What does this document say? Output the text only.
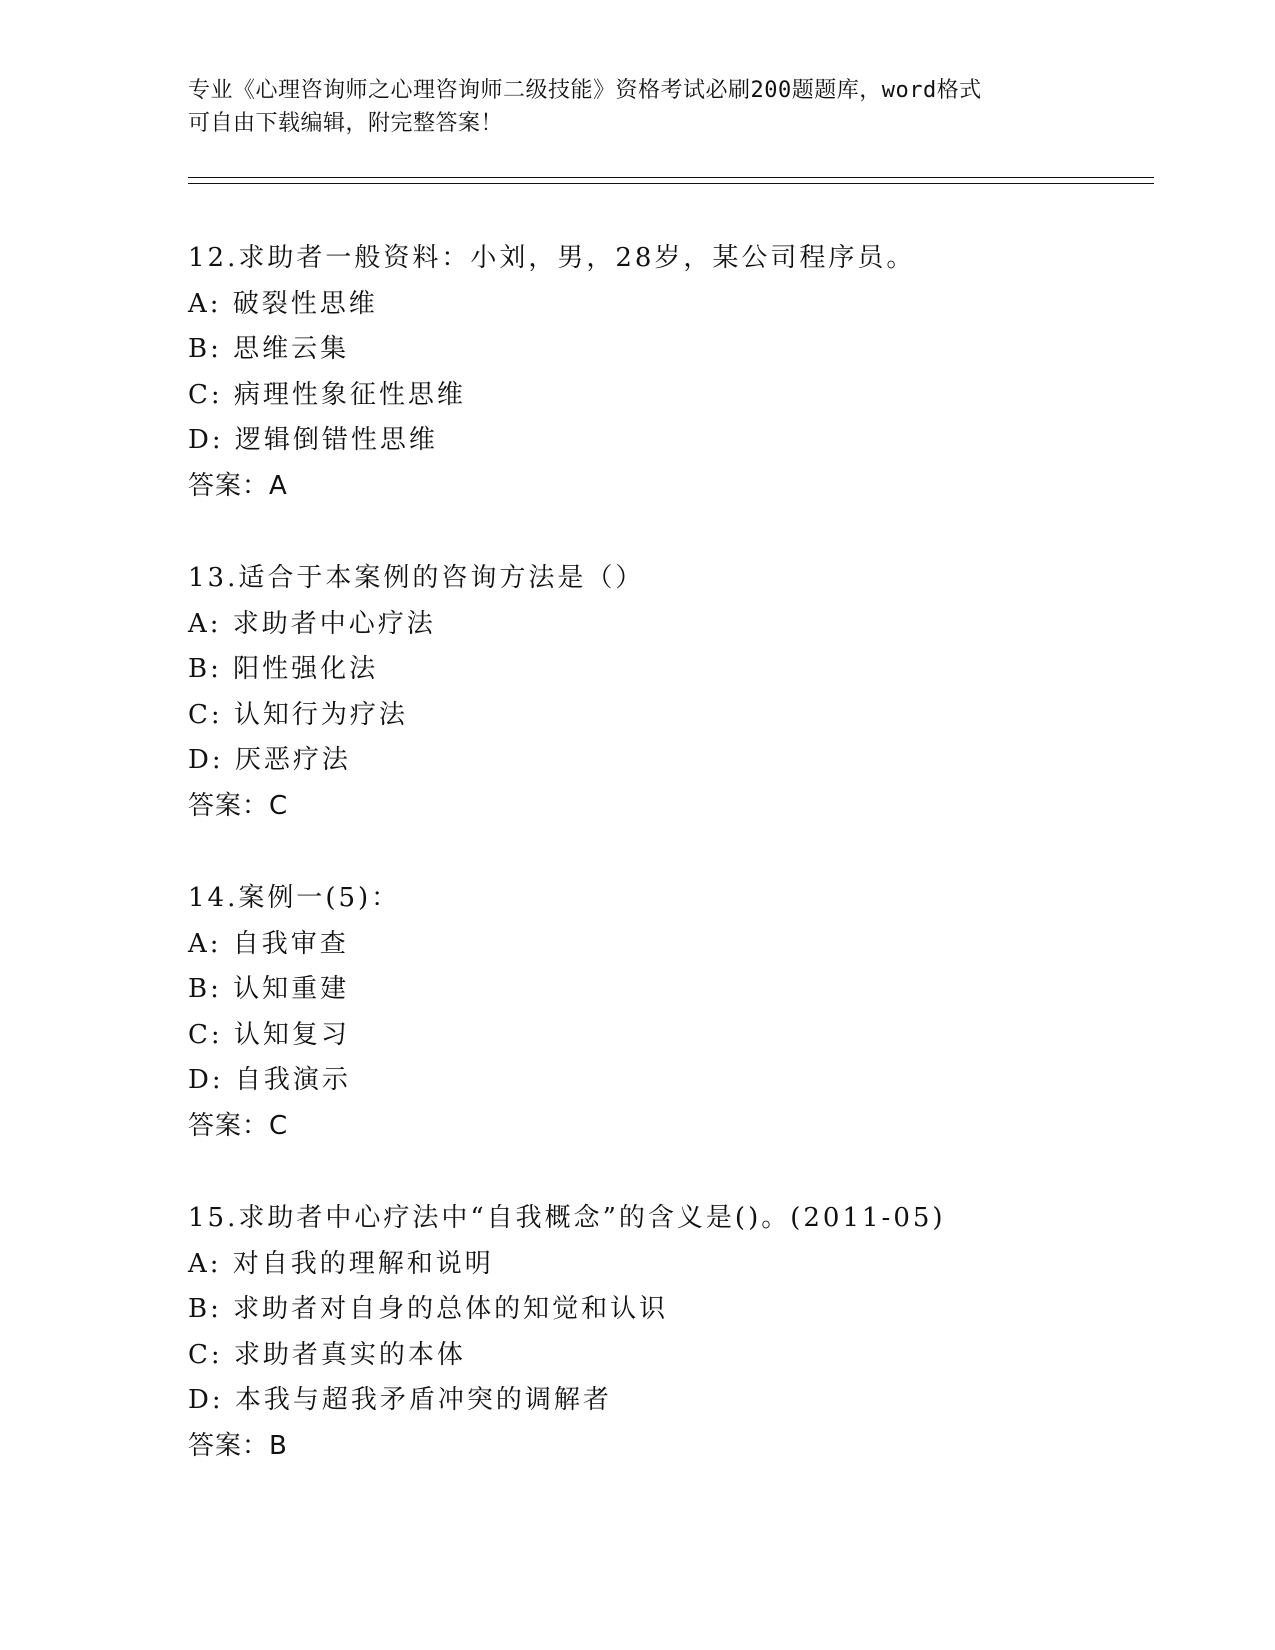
专业《心理咨询师之心理咨询师二级技能》资格考试必刷200题题库，word格式
可自由下载编辑，附完整答案！
12.求助者一般资料：小刘，男，28岁，某公司程序员。
A: 破裂性思维
B: 思维云集
C: 病理性象征性思维
D: 逻辑倒错性思维
答案：A
13.适合于本案例的咨询方法是（）
A: 求助者中心疗法
B: 阳性强化法
C: 认知行为疗法
D: 厌恶疗法
答案：C
14.案例一(5)：
A: 自我审查
B: 认知重建
C: 认知复习
D: 自我演示
答案：C
15.求助者中心疗法中“自我概念”的含义是()。(2011-05)
A: 对自我的理解和说明
B: 求助者对自身的总体的知觉和认识
C: 求助者真实的本体
D: 本我与超我矛盾冲突的调解者
答案：B
